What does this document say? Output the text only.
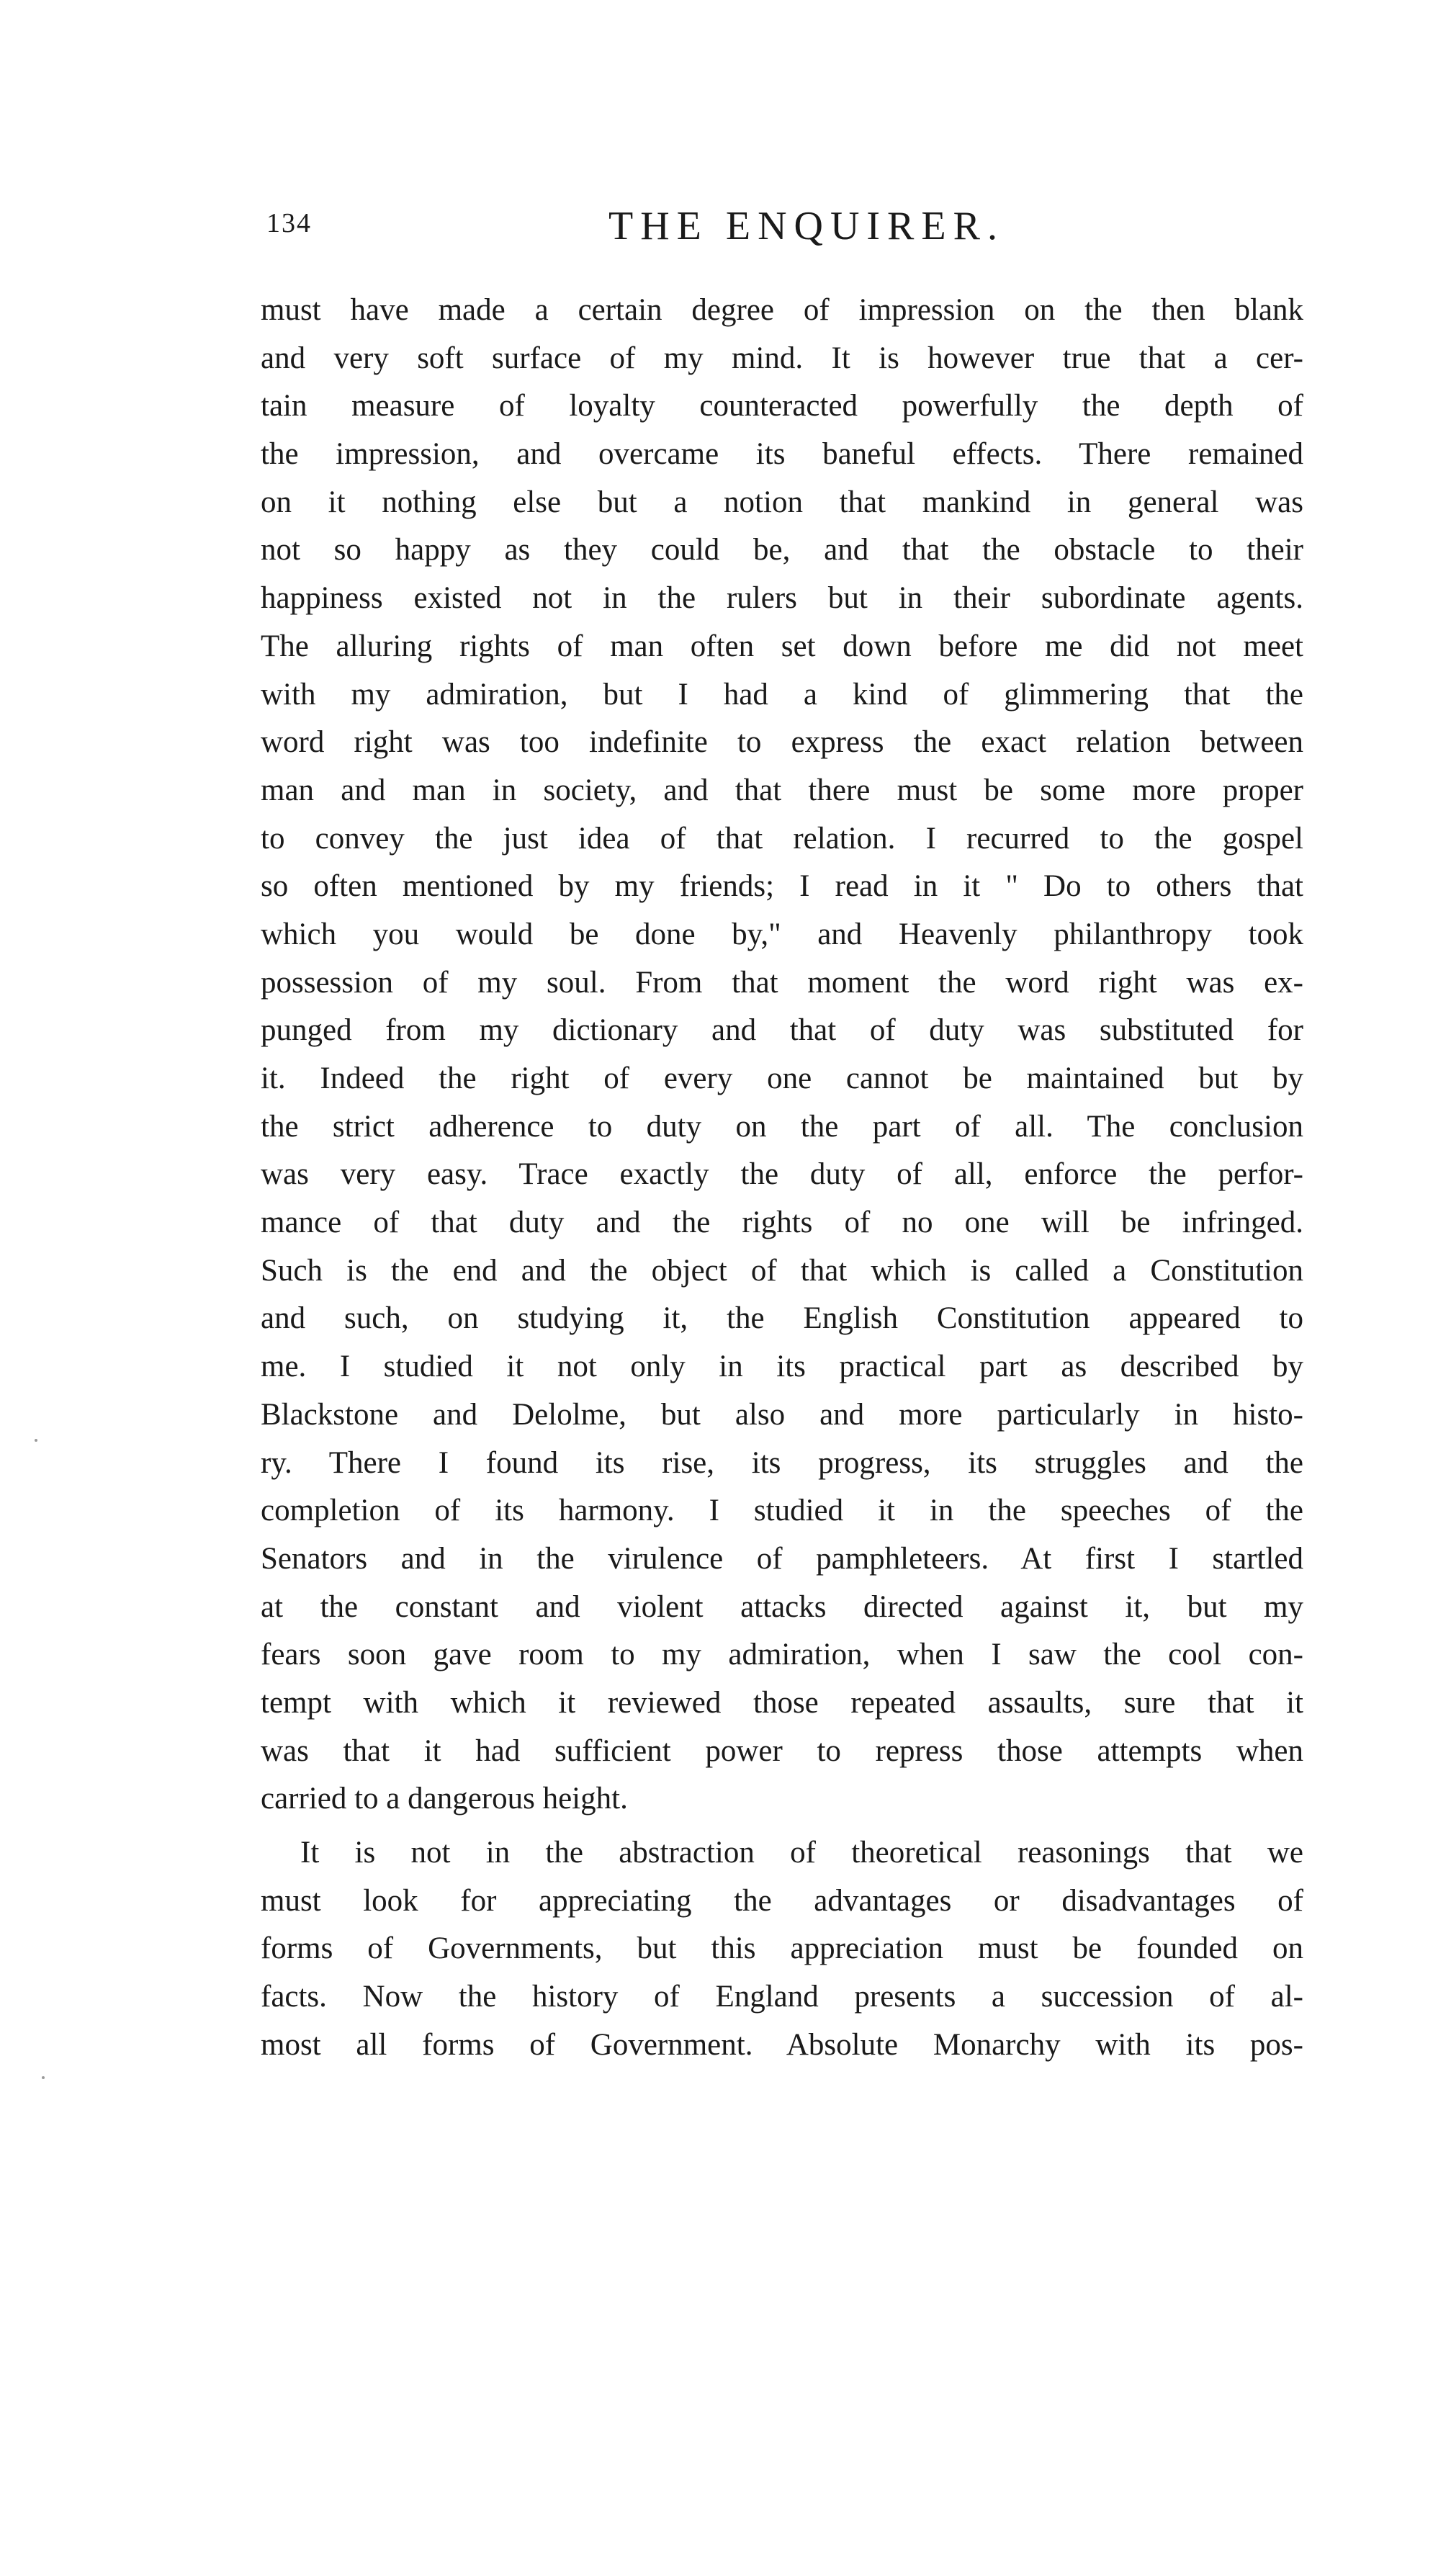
134	THE ENQUIRER.
must have made a certain degree of impression on the then blank
and very soft surface of my mind. It is however true that a cer-
tain measure of loyalty counteracted powerfully the depth of
the impression, and overcame its baneful effects. There remained
on it nothing else but a notion that mankind in general was
not so happy as they could be, and that the obstacle to their
happiness existed not in the rulers but in their subordinate agents.
The alluring rights of man often set down before me did not meet
with my admiration, but I had a kind of glimmering that the
word right was too indefinite to express the exact relation between
man and man in society, and that there must be some more proper
to convey the just idea of that relation. I recurred to the gospel
so often mentioned by my friends; I read in it " Do to others that
which you would be done by," and Heavenly philanthropy took
possession of my soul. From that moment the word right was ex-
punged from my dictionary and that of duty was substituted for
it. Indeed the right of every one cannot be maintained but by
the strict adherence to duty on the part of all. The conclusion
was very easy. Trace exactly the duty of all, enforce the perfor-
mance of that duty and the rights of no one will be infringed.
Such is the end and the object of that which is called a Constitution
and such, on studying it, the English Constitution appeared to
me. I studied it not only in its practical part as described by
Blackstone and Delolme, but also and more particularly in histo-
ry. There I found its rise, its progress, its struggles and the
completion of its harmony. I studied it in the speeches of the
Senators and in the virulence of pamphleteers. At first I startled
at the constant and violent attacks directed against it, but my
fears soon gave room to my admiration, when I saw the cool con-
tempt with which it reviewed those repeated assaults, sure that it
was that it had sufficient power to repress those attempts when
carried to a dangerous height.
It is not in the abstraction of theoretical reasonings that we
must look for appreciating the advantages or disadvantages of
forms of Governments, but this appreciation must be founded on
facts. Now the history of England presents a succession of al-
most all forms of Government. Absolute Monarchy with its pos-
